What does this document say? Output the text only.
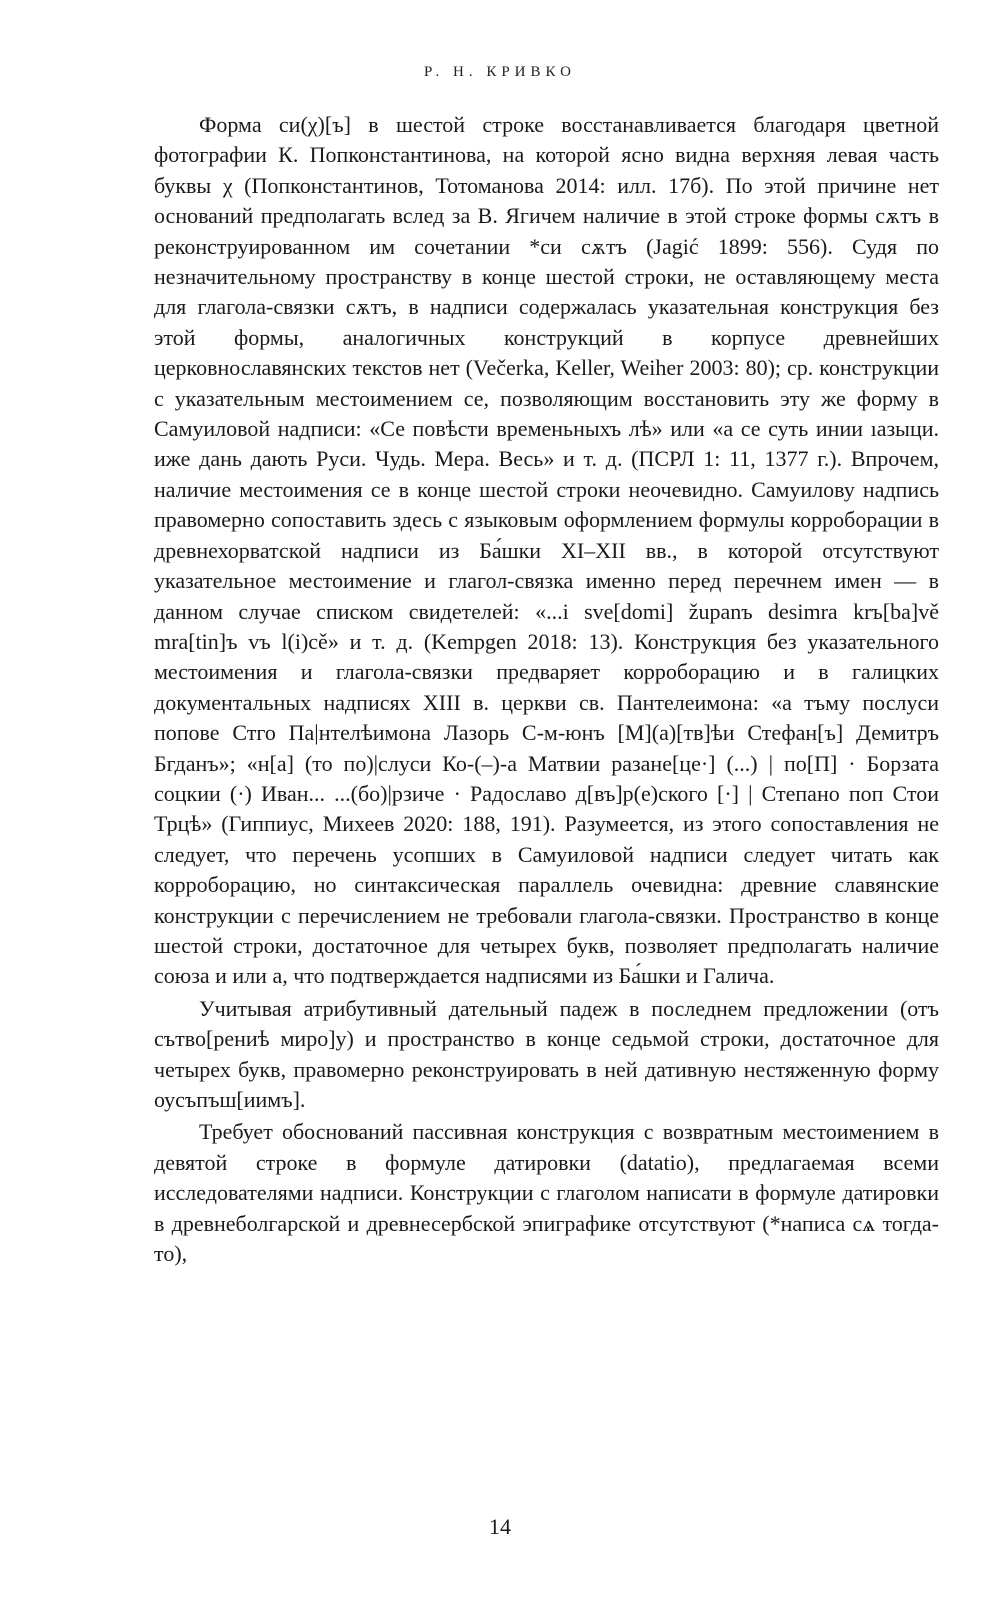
Р. Н. КРИВКО

Форма си(χ)[ъ] в шестой строке восстанавливается благодаря цветной фотографии К. Попконстантинова, на которой ясно видна верхняя левая часть буквы χ (Попконстантинов, Тотоманова 2014: илл. 17б). По этой причине нет оснований предполагать вслед за В. Ягичем наличие в этой строке формы сѫтъ в реконструированном им сочетании *си сѫтъ (Jagić 1899: 556). Судя по незначительному пространству в конце шестой строки, не оставляющему места для глагола-связки сѫтъ, в надписи содержалась указательная конструкция без этой формы, аналогичных конструкций в корпусе древнейших церковнославянских текстов нет (Večerka, Keller, Weiher 2003: 80); ср. конструкции с указательным местоимением се, позволяющим восстановить эту же форму в Самуиловой надписи: «Се повѣсти временьныхъ лѣ» или «а се суть инии ıазыци. иже дань дають Руси. Чудь. Мера. Весь» и т. д. (ПСРЛ 1: 11, 1377 г.). Впрочем, наличие местоимения се в конце шестой строки неочевидно. Самуилову надпись правомерно сопоставить здесь с языковым оформлением формулы корроборации в древнехорватской надписи из Ба́шки XI–XII вв., в которой отсутствуют указательное местоимение и глагол-связка именно перед перечнем имен — в данном случае списком свидетелей: «...i sve[domi] županъ desimra krъ[ba]vě mra[tin]ъ vъ l(i)cě» и т. д. (Kempgen 2018: 13). Конструкция без указательного местоимения и глагола-связки предваряет корроборацию и в галицких документальных надписях XIII в. церкви св. Пантелеимона: «а тъму послуси попове Стго Па|нтелѣимона Лазорь С-м-юнъ [М](а)[тв]ѣи Стефан[ъ] Демитръ Бгданъ»; «н[а] (то по)|слуси Ко-(–)-а Матвии разане[це·] (...) | по[П] · Борзата соцкии (·) Иван... ...(бо)|рзиче · Радославо д[въ]р(е)ского [·] | Степано поп Стои Трцѣ» (Гиппиус, Михеев 2020: 188, 191). Разумеется, из этого сопоставления не следует, что перечень усопших в Самуиловой надписи следует читать как корроборацию, но синтаксическая параллель очевидна: древние славянские конструкции с перечислением не требовали глагола-связки. Пространство в конце шестой строки, достаточное для четырех букв, позволяет предполагать наличие союза и или а, что подтверждается надписями из Ба́шки и Галича.

Учитывая атрибутивный дательный падеж в последнем предложении (отъ сътво[рениѣ миро]у) и пространство в конце седьмой строки, достаточное для четырех букв, правомерно реконструировать в ней дативную нестяженную форму оусъпъш[иимъ].

Требует обоснований пассивная конструкция с возвратным местоимением в девятой строке в формуле датировки (datatio), предлагаемая всеми исследователями надписи. Конструкции с глаголом написати в формуле датировки в древнеболгарской и древнесербской эпиграфике отсутствуют (*написа сѧ тогда-то),

14
